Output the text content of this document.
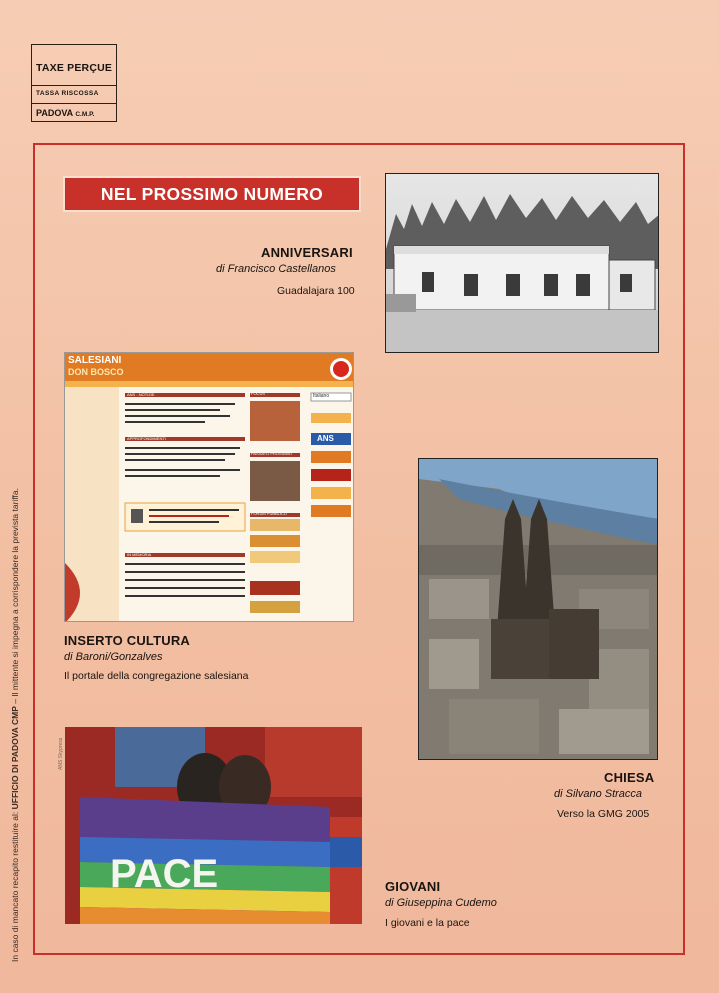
TAXE PERÇUE
TASSA RISCOSSA
PADOVA C.M.P.
In caso di mancato recapito restituire al: UFFICIO DI PADOVA CMP – Il mittente si impegna a corrispondere la prevista tariffa.
NEL PROSSIMO NUMERO
ANNIVERSARI
di Francisco Castellanos
Guadalajara 100
SALESIANI
DON BOSCO
ANS - NOTIZIE	FOCUS
APPROFONDIMENTI
PASSATO PROSSIMO
FORUM PUBBLICO
IN MEMORIA
Italiano
ANS
INSERTO CULTURA
di Baroni/Gonzalves
Il portale della congregazione salesiana
CHIESA
di Silvano Stracca
Verso la GMG 2005
PACE
ANS Skypress
GIOVANI
di Giuseppina Cudemo
I giovani e la pace
